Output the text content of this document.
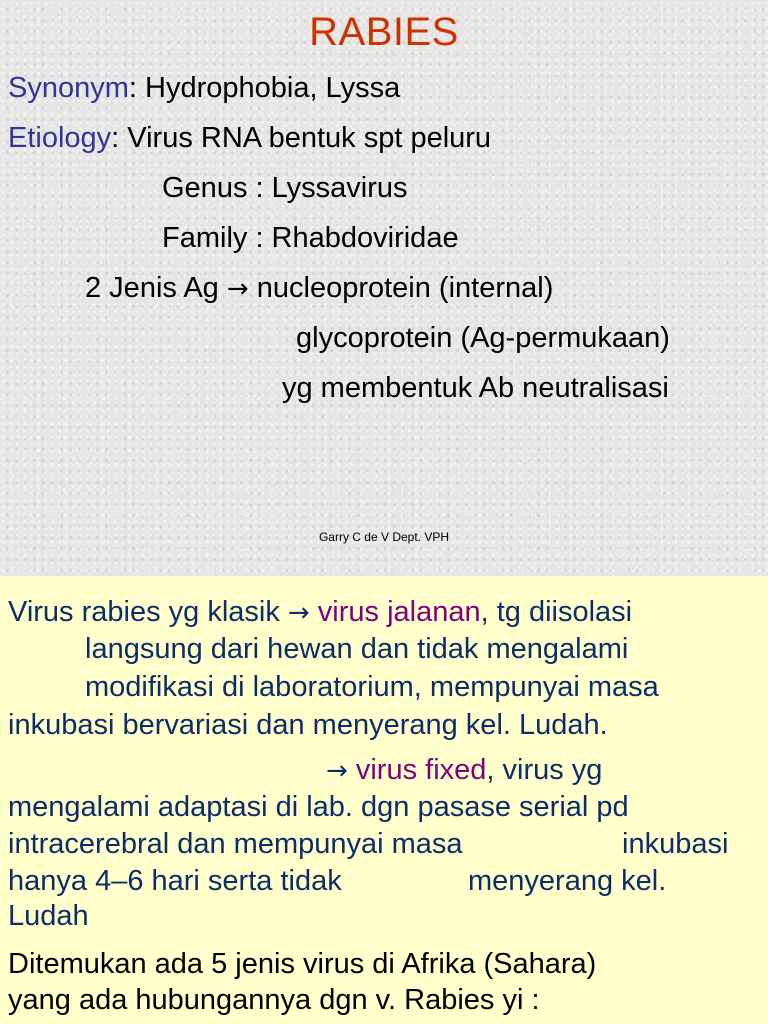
RABIES
Synonym: Hydrophobia, Lyssa
Etiology: Virus RNA bentuk spt peluru
Genus : Lyssavirus
Family : Rhabdoviridae
2 Jenis Ag → nucleoprotein (internal)
glycoprotein (Ag-permukaan)
yg membentuk Ab neutralisasi
Garry C de V Dept. VPH
Virus rabies yg klasik → virus jalanan, tg diisolasi
langsung dari hewan dan tidak mengalami
modifikasi di laboratorium, mempunyai masa
inkubasi bervariasi dan menyerang kel. Ludah.
→ virus fixed, virus yg
mengalami adaptasi di lab. dgn pasase serial pd
intracerebral dan mempunyai masa	inkubasi
hanya 4–6 hari serta tidak	menyerang kel.
Ludah
Ditemukan ada 5 jenis virus di Afrika (Sahara)
yang ada hubungannya dgn v. Rabies yi :
